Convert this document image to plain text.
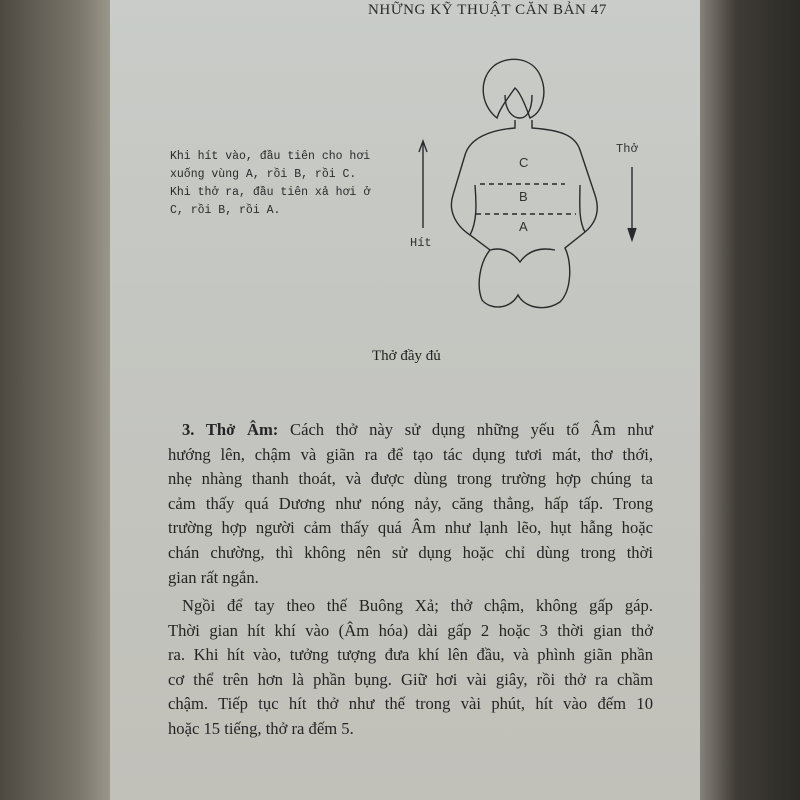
NHỮNG KỸ THUẬT CĂN BẢN 47
Khi hít vào, đầu tiên cho hơi
xuống vùng A, rồi B, rồi C.
Khi thở ra, đầu tiên xả hơi ở
C, rồi B, rồi A.
C
B
A
Hít
Thở
Thở đầy đủ
3. Thở Âm: Cách thở này sử dụng những yếu tố Âm như
hướng lên, chậm và giãn ra để tạo tác dụng tươi mát, thơ thới,
nhẹ nhàng thanh thoát, và được dùng trong trường hợp chúng ta
cảm thấy quá Dương như nóng nảy, căng thẳng, hấp tấp. Trong
trường hợp người cảm thấy quá Âm như lạnh lẽo, hụt hẫng hoặc
chán chường, thì không nên sử dụng hoặc chỉ dùng trong thời
gian rất ngắn.
Ngồi để tay theo thế Buông Xả; thở chậm, không gấp gáp.
Thời gian hít khí vào (Âm hóa) dài gấp 2 hoặc 3 thời gian thở
ra. Khi hít vào, tưởng tượng đưa khí lên đầu, và phình giãn phần
cơ thể trên hơn là phần bụng. Giữ hơi vài giây, rồi thở ra chầm
chậm. Tiếp tục hít thở như thế trong vài phút, hít vào đếm 10
hoặc 15 tiếng, thở ra đếm 5.
